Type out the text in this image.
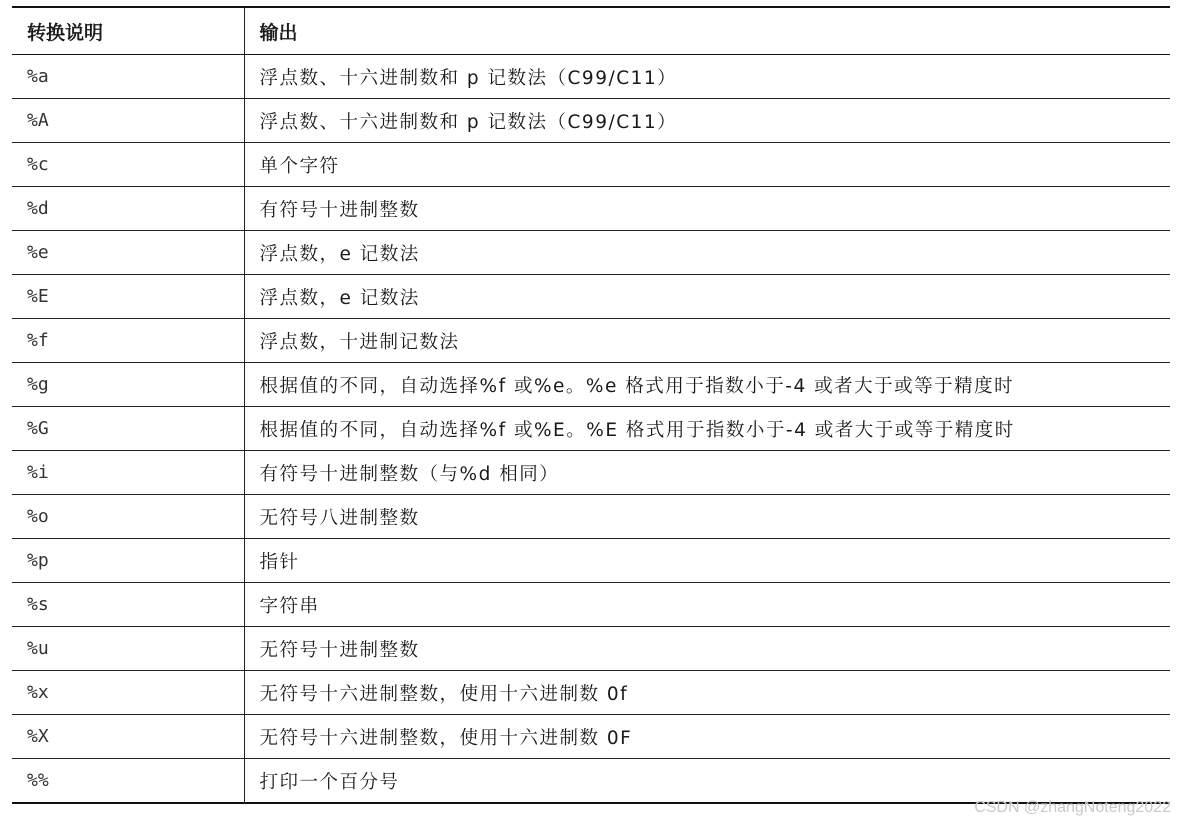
转换说明	输出
%a	浮点数、十六进制数和 p 记数法（C99/C11）
%A	浮点数、十六进制数和 p 记数法（C99/C11）
%c	单个字符
%d	有符号十进制整数
%e	浮点数，e 记数法
%E	浮点数，e 记数法
%f	浮点数，十进制记数法
%g	根据值的不同，自动选择%f 或%e。%e 格式用于指数小于-4 或者大于或等于精度时
%G	根据值的不同，自动选择%f 或%E。%E 格式用于指数小于-4 或者大于或等于精度时
%i	有符号十进制整数（与%d 相同）
%o	无符号八进制整数
%p	指针
%s	字符串
%u	无符号十进制整数
%x	无符号十六进制整数，使用十六进制数 0f
%X	无符号十六进制整数，使用十六进制数 0F
%%	打印一个百分号
CSDN @zhangNoteng2022
